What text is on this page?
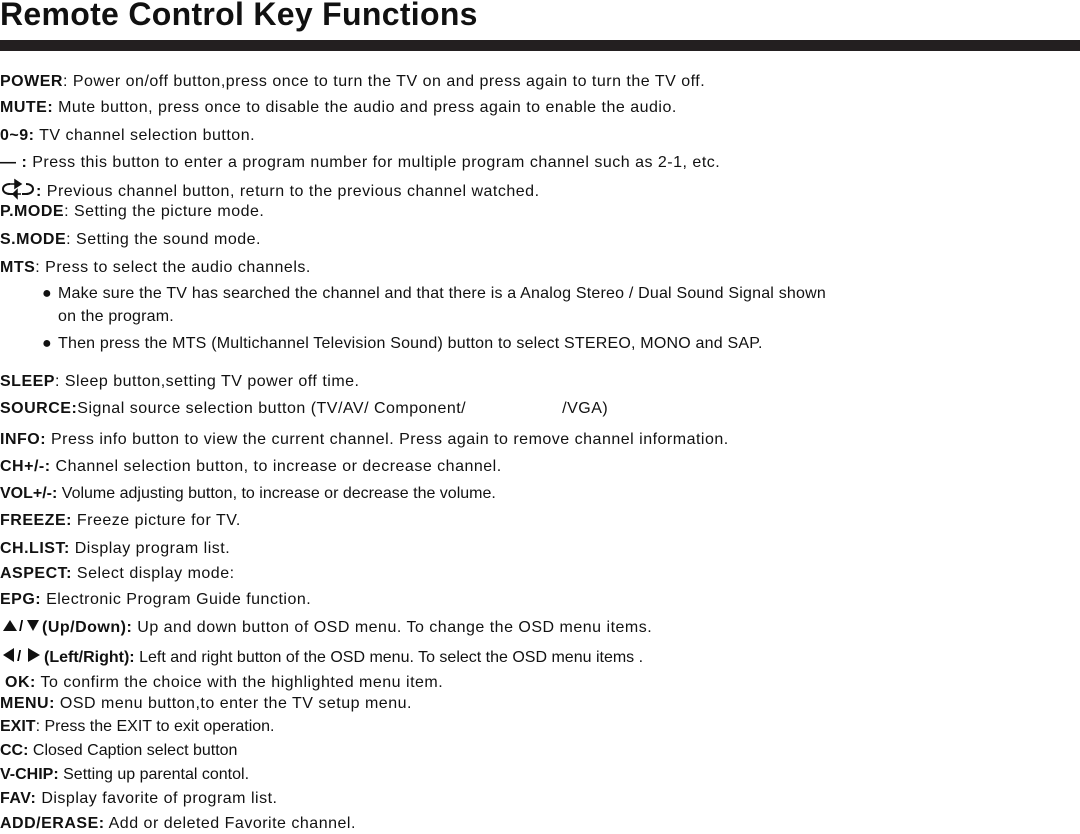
Remote Control Key Functions
POWER: Power on/off button,press once to turn the TV on and press again to turn the TV off.
MUTE: Mute button, press once to disable the audio and press again to enable the audio.
0~9: TV channel selection button.
— : Press this button to enter a program number for multiple program channel such as 2-1, etc.
: Previous channel button, return to the previous channel watched.
P.MODE: Setting the picture mode.
S.MODE: Setting the sound mode.
MTS: Press to select the audio channels.
● Make sure the TV has searched the channel and that there is a Analog Stereo / Dual Sound Signal shown
on the program.
● Then press the MTS (Multichannel Television Sound) button to select STEREO, MONO and SAP.
SLEEP: Sleep button,setting TV power off time.
SOURCE:Signal source selection button (TV/AV/ Component/	/VGA)
INFO: Press info button to view the current channel. Press again to remove channel information.
CH+/-: Channel selection button, to increase or decrease channel.
VOL+/-: Volume adjusting button, to increase or decrease the volume.
FREEZE: Freeze picture for TV.
CH.LIST: Display program list.
ASPECT: Select display mode:
EPG: Electronic Program Guide function.
/ (Up/Down): Up and down button of OSD menu. To change the OSD menu items.
/ (Left/Right): Left and right button of the OSD menu. To select the OSD menu items .
OK: To confirm the choice with the highlighted menu item.
MENU: OSD menu button,to enter the TV setup menu.
EXIT: Press the EXIT to exit operation.
CC: Closed Caption select button
V-CHIP: Setting up parental contol.
FAV: Display favorite of program list.
ADD/ERASE: Add or deleted Favorite channel.
